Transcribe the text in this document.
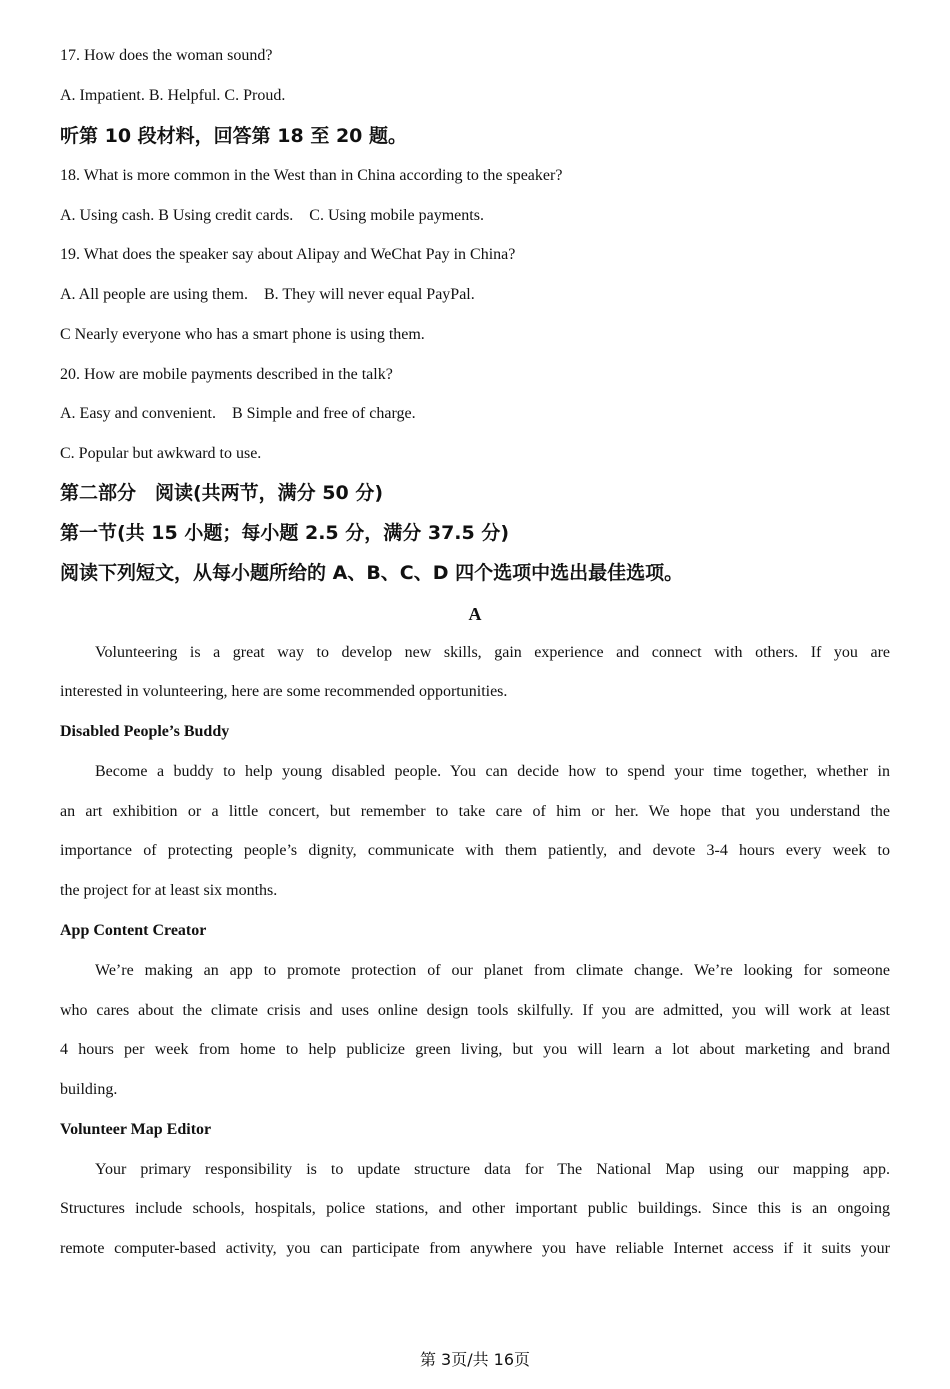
17. How does the woman sound?
A. Impatient. B. Helpful. C. Proud.
听第 10 段材料，回答第 18 至 20 题。
18. What is more common in the West than in China according to the speaker?
A. Using cash. B Using credit cards.    C. Using mobile payments.
19. What does the speaker say about Alipay and WeChat Pay in China?
A. All people are using them.    B. They will never equal PayPal.
C Nearly everyone who has a smart phone is using them.
20. How are mobile payments described in the talk?
A. Easy and convenient.    B Simple and free of charge.
C. Popular but awkward to use.
第二部分　阅读(共两节，满分 50 分)
第一节(共 15 小题；每小题 2.5 分，满分 37.5 分)
阅读下列短文，从每小题所给的 A、B、C、D 四个选项中选出最佳选项。
A
Volunteering is a great way to develop new skills, gain experience and connect with others. If you are
interested in volunteering, here are some recommended opportunities.
Disabled People’s Buddy
Become a buddy to help young disabled people. You can decide how to spend your time together, whether in
an art exhibition or a little concert, but remember to take care of him or her. We hope that you understand the
importance of protecting people’s dignity, communicate with them patiently, and devote 3-4 hours every week to
the project for at least six months.
App Content Creator
We’re making an app to promote protection of our planet from climate change. We’re looking for someone
who cares about the climate crisis and uses online design tools skilfully. If you are admitted, you will work at least
4 hours per week from home to help publicize green living, but you will learn a lot about marketing and brand
building.
Volunteer Map Editor
Your primary responsibility is to update structure data for The National Map using our mapping app.
Structures include schools, hospitals, police stations, and other important public buildings. Since this is an ongoing
remote computer-based activity, you can participate from anywhere you have reliable Internet access if it suits your
第 3页/共 16页
